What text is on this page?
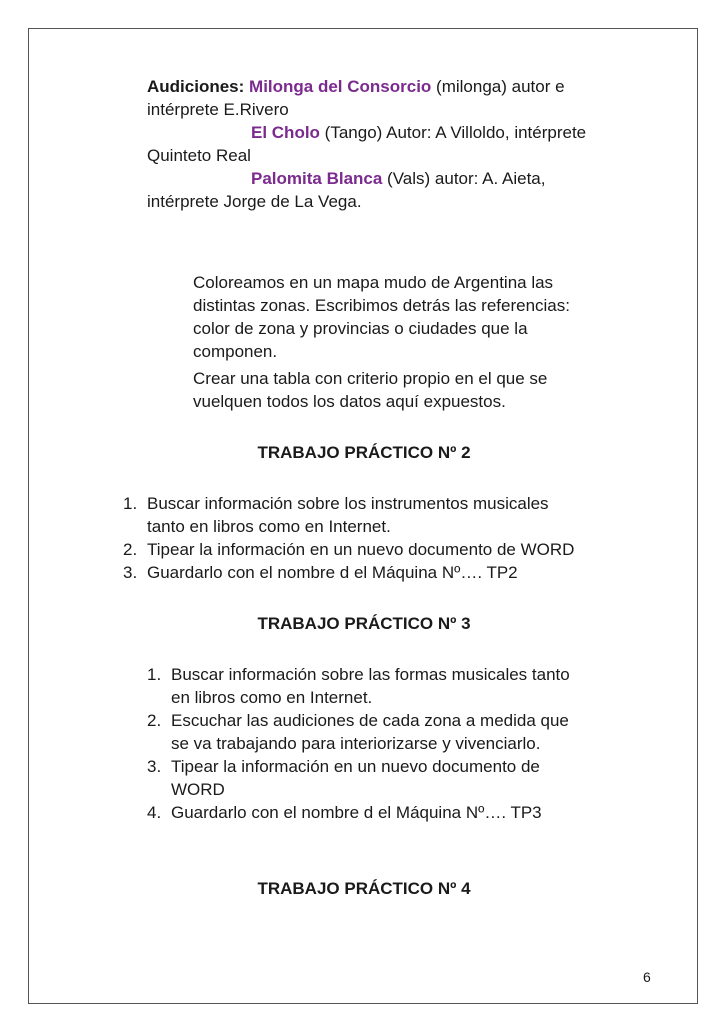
Audiciones: Milonga del Consorcio (milonga) autor e
intérprete E.Rivero
El Cholo (Tango) Autor: A Villoldo, intérprete
Quinteto Real
Palomita Blanca (Vals) autor: A. Aieta,
intérprete Jorge de La Vega.
Coloreamos en un mapa mudo de Argentina las
distintas zonas. Escribimos detrás las referencias:
color de zona y provincias o ciudades que la
componen.
Crear una tabla con criterio propio en el que se
vuelquen todos los datos aquí expuestos.
TRABAJO PRÁCTICO Nº 2
1. Buscar información sobre los instrumentos musicales
tanto en libros como en Internet.
2. Tipear la información en un nuevo documento de WORD
3. Guardarlo con el nombre d el Máquina Nº…. TP2
TRABAJO PRÁCTICO Nº 3
1. Buscar información sobre las formas musicales tanto
en libros como en Internet.
2. Escuchar las audiciones de cada zona a medida que
se va trabajando para interiorizarse y vivenciarlo.
3. Tipear la información en un nuevo documento de
WORD
4. Guardarlo con el nombre d el Máquina Nº…. TP3
TRABAJO PRÁCTICO Nº 4
6
